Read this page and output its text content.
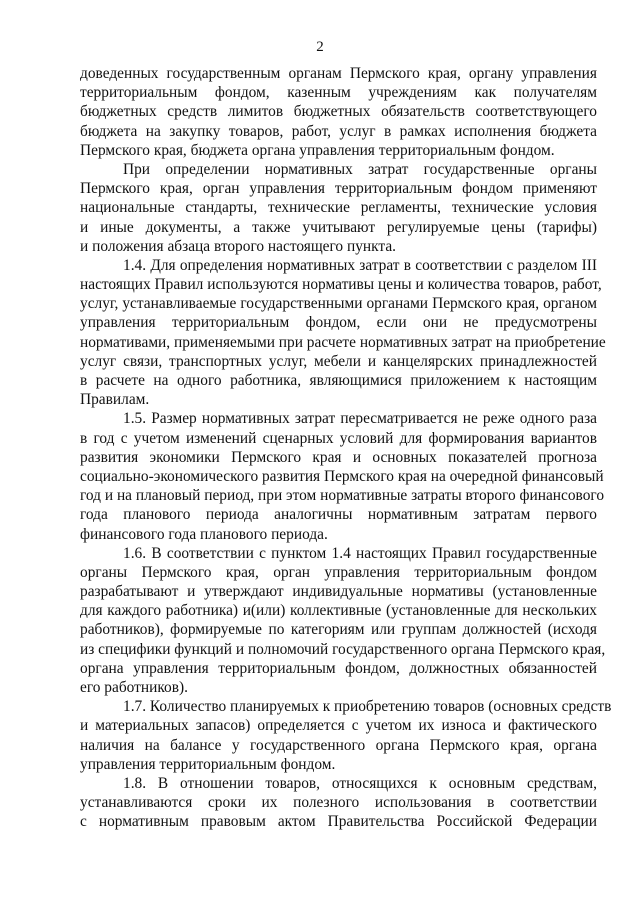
2
доведенных государственным органам Пермского края, органу управления
территориальным фондом, казенным учреждениям как получателям
бюджетных средств лимитов бюджетных обязательств соответствующего
бюджета на закупку товаров, работ, услуг в рамках исполнения бюджета
Пермского края, бюджета органа управления территориальным фондом.
При определении нормативных затрат государственные органы
Пермского края, орган управления территориальным фондом применяют
национальные стандарты, технические регламенты, технические условия
и иные документы, а также учитывают регулируемые цены (тарифы)
и положения абзаца второго настоящего пункта.
1.4. Для определения нормативных затрат в соответствии с разделом III
настоящих Правил используются нормативы цены и количества товаров, работ,
услуг, устанавливаемые государственными органами Пермского края, органом
управления территориальным фондом, если они не предусмотрены
нормативами, применяемыми при расчете нормативных затрат на приобретение
услуг связи, транспортных услуг, мебели и канцелярских принадлежностей
в расчете на одного работника, являющимися приложением к настоящим
Правилам.
1.5. Размер нормативных затрат пересматривается не реже одного раза
в год с учетом изменений сценарных условий для формирования вариантов
развития экономики Пермского края и основных показателей прогноза
социально-экономического развития Пермского края на очередной финансовый
год и на плановый период, при этом нормативные затраты второго финансового
года планового периода аналогичны нормативным затратам первого
финансового года планового периода.
1.6. В соответствии с пунктом 1.4 настоящих Правил государственные
органы Пермского края, орган управления территориальным фондом
разрабатывают и утверждают индивидуальные нормативы (установленные
для каждого работника) и(или) коллективные (установленные для нескольких
работников), формируемые по категориям или группам должностей (исходя
из специфики функций и полномочий государственного органа Пермского края,
органа управления территориальным фондом, должностных обязанностей
его работников).
1.7. Количество планируемых к приобретению товаров (основных средств
и материальных запасов) определяется с учетом их износа и фактического
наличия на балансе у государственного органа Пермского края, органа
управления территориальным фондом.
1.8. В отношении товаров, относящихся к основным средствам,
устанавливаются сроки их полезного использования в соответствии
с нормативным правовым актом Правительства Российской Федерации
